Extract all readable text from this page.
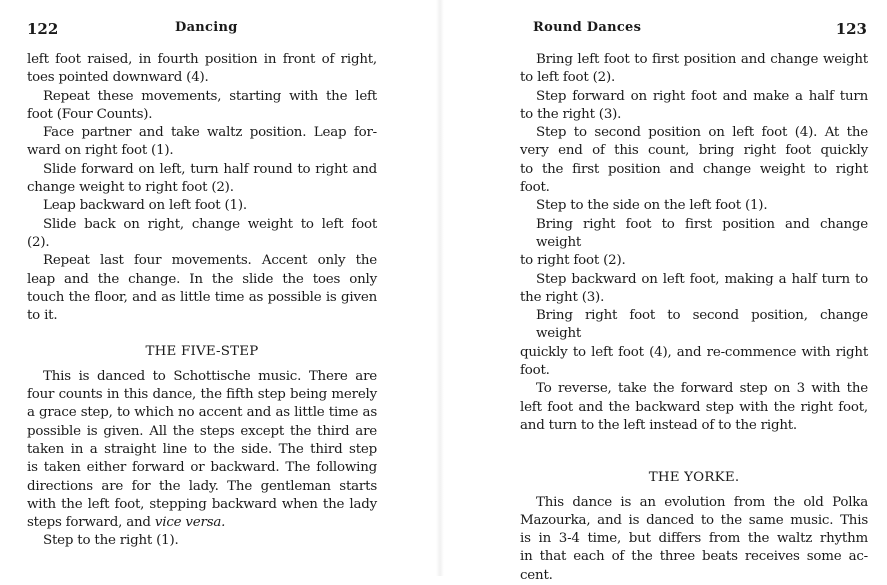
122	Dancing
left foot raised, in fourth position in front of right,
toes pointed downward (4).
Repeat these movements, starting with the left
foot (Four Counts).
Face partner and take waltz position. Leap for-
ward on right foot (1).
Slide forward on left, turn half round to right and
change weight to right foot (2).
Leap backward on left foot (1).
Slide back on right, change weight to left foot
(2).
Repeat last four movements. Accent only the
leap and the change. In the slide the toes only
touch the floor, and as little time as possible is given
to it.
THE FIVE-STEP
This is danced to Schottische music. There are
four counts in this dance, the fifth step being merely
a grace step, to which no accent and as little time as
possible is given. All the steps except the third are
taken in a straight line to the side. The third step
is taken either forward or backward. The following
directions are for the lady. The gentleman starts
with the left foot, stepping backward when the lady
steps forward, and vice versa.
Step to the right (1).
Round Dances	123
Bring left foot to first position and change weight
to left foot (2).
Step forward on right foot and make a half turn
to the right (3).
Step to second position on left foot (4). At the
very end of this count, bring right foot quickly
to the first position and change weight to right
foot.
Step to the side on the left foot (1).
Bring right foot to first position and change weight
to right foot (2).
Step backward on left foot, making a half turn to
the right (3).
Bring right foot to second position, change weight
quickly to left foot (4), and re-commence with right
foot.
To reverse, take the forward step on 3 with the
left foot and the backward step with the right foot,
and turn to the left instead of to the right.
THE YORKE.
This dance is an evolution from the old Polka
Mazourka, and is danced to the same music. This
is in 3-4 time, but differs from the waltz rhythm
in that each of the three beats receives some ac-
cent.
